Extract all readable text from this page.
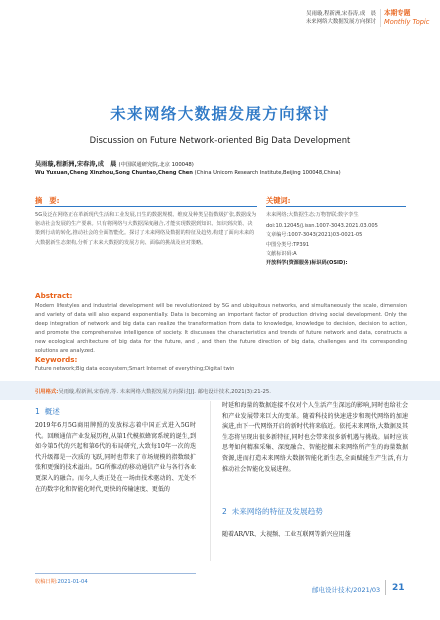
吴雨璇,程新洲,宋春涛,成　晨
未来网络大数据发展方向探讨
本期专题
Monthly Topic
未来网络大数据发展方向探讨
Discussion on Future Network-oriented Big Data Development
吴雨璇,程新洲,宋春涛,成　晨 (中国联通研究院,北京 100048)
Wu Yuxuan,Cheng Xinzhou,Song Chuntao,Cheng Chen (China Unicom Research Institute,Beijing 100048,China)
摘　要:	关键词:
5G及泛在网络正在革新现代生活和工业发展,日生的数据规模、维度及种类呈指数级扩张,数据成为驱动社会发展的生产要素。只有将网络与大数据深度融合,才能实现数据到知识、知识到决策、决策到行动的转化,推动社会的全面智能化。探讨了未来网络及数据的特征及趋势,构建了面向未来的大数据新生态架构,分析了未来大数据的发展方向、面临的挑战及应对策略。
未来网络;大数据生态;万物智联;数字孪生
doi:10.12045/j.issn.1007-3043.2021.03.005
文章编号:1007-3043(2021)03-0021-05
中图分类号:TP391
文献标识码:A
开放科学(资源服务)标识码(OSID):
Abstract:
Modern lifestyles and industrial development will be revolutionized by 5G and ubiquitous networks, and simultaneously the scale, dimension and variety of data will also expand exponentially. Data is becoming an important factor of production driving social development. Only the deep integration of network and big data can realize the transformation from data to knowledge, knowledge to decision, decision to action, and promote the comprehensive intelligence of society. It discusses the characteristics and trends of future network and data, constructs a new ecological architecture of big data for the future, and , and then the future direction of big data, challenges and its corresponding solutions are analyzed.
Keywords:
Future network;Big data ecosystem;Smart Internet of everything;Digital twin
引用格式:吴雨璇,程新洲,宋春涛,等. 未来网络大数据发展方向探讨[J]. 邮电设计技术,2021(3):21-25.
1 概述
2019年6月5G商用牌照的发放标志着中国正式进入5G时代。回顾通信产业发展历程,从第1代模拟蜂窝系统的诞生,到如今第5代的兴起和第6代的布局研究,大致每10年一次的迭代升级都是一次质的飞跃,同时也带来了市场规模的指数级扩张和更强的技术溢出。5G所推动的移动通信产业与各行各业更深入的融合。而今,人类正处在一场由技术驱动的、无处不在的数字化和智能化时代,更快的传输速度、更低的
时延和海量的数据连接不仅对个人生活产生深远的影响,同时也给社会和产业发展带来巨大的变革。随着科技的快速进步和现代网络的加速演进,由下一代网络开启的新时代将来临近。依托未来网络,大数据及其生态将呈现出很多新特征,同时也会带来很多新机遇与挑战。届时应该思考如何精准采集、深度融合、智能挖掘未来网络所产生的海量数据资源,进而打造未来网络大数据智能化新生态,全面赋能生产生活,有力推动社会智能化发展进程。
2 未来网络的特征及发展趋势
随着AR/VR、大视频、工业互联网等新兴应用蓬
收稿日期:2021-01-04
邮电设计技术/2021/03 21
